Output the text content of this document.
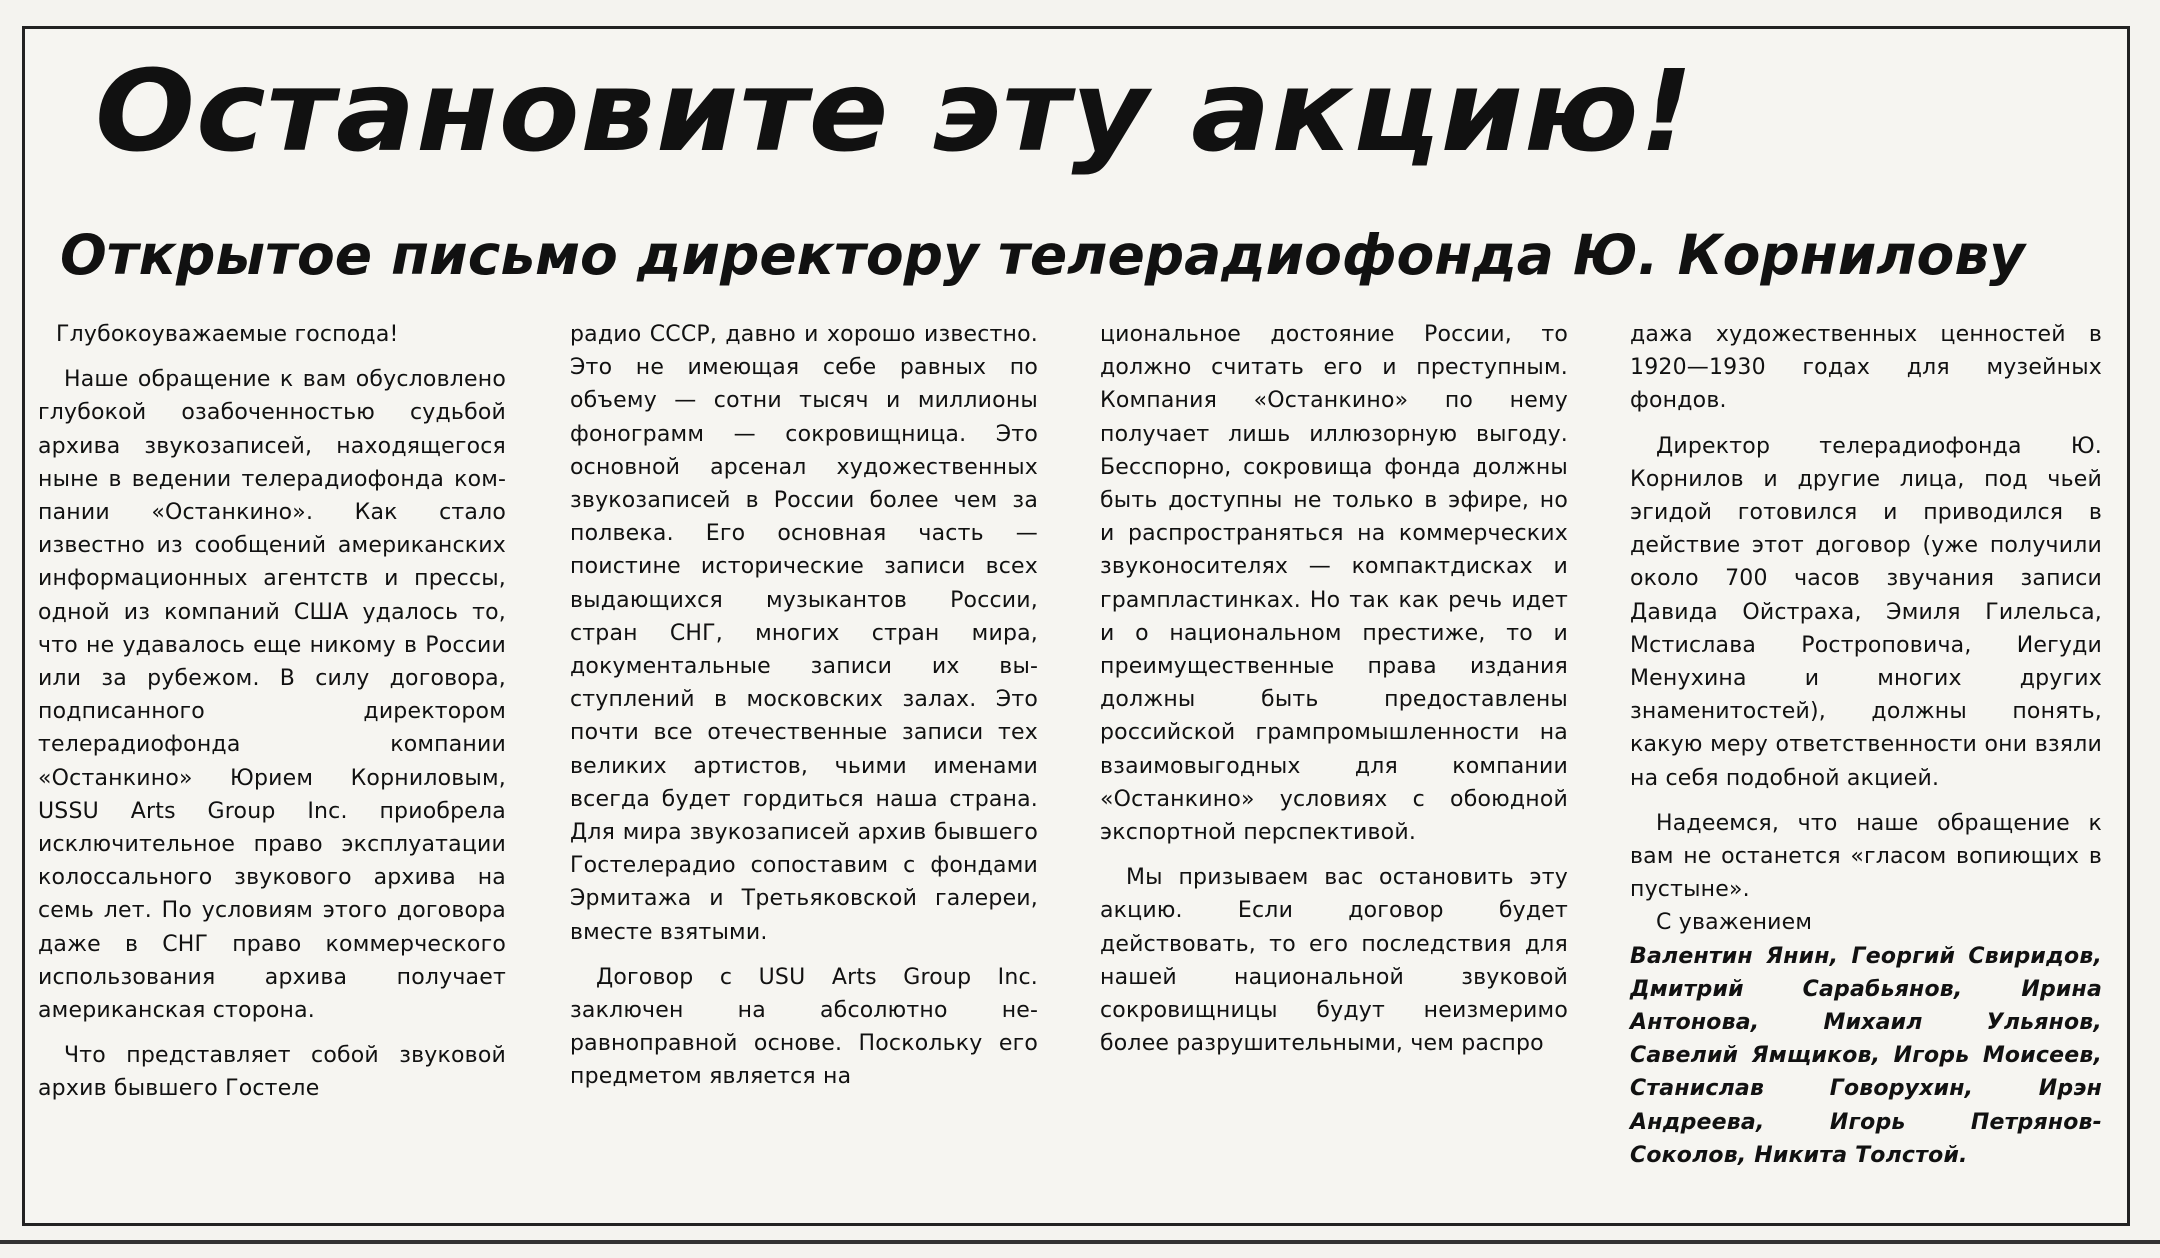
Остановите эту акцию!
Открытое письмо директору телерадиофонда Ю. Корнилову

Глубокоуважаемые господа!

Наше обращение к вам обусловлено глубокой озабоченностью судьбой архива звукозаписей, находящегося ныне в ведении телерадиофонда компании «Останкино». Как стало известно из сообщений американских информационных агентств и прессы, одной из компаний США удалось то, что не удавалось еще никому в России или за рубежом. В силу договора, подписанного директором телерадиофонда компании «Останкино» Юрием Корниловым, USSU Arts Group Inc. приобрела исключительное право эксплуатации колоссального звукового архива на семь лет. По условиям этого договора даже в СНГ право коммерческого использования архива получает американская сторона.

Что представляет собой звуковой архив бывшего Гостеле

радио СССР, давно и хорошо известно. Это не имеющая себе равных по объему — сотни тысяч и миллионы фонограмм — сокровищница. Это основной арсенал художественных звукозаписей в России более чем за полвека. Его основная часть — поистине исторические записи всех выдающихся музыкантов России, стран СНГ, многих стран мира, документальные записи их выступлений в московских залах. Это почти все отечественные записи тех великих артистов, чьими именами всегда будет гордиться наша страна. Для мира звукозаписей архив бывшего Гостелерадио сопоставим с фондами Эрмитажа и Третьяковской галереи, вместе взятыми.

Договор с USU Arts Group Inc. заключен на абсолютно неравноправной основе. Поскольку его предметом является на

циональное достояние России, то должно считать его и преступным. Компания «Останкино» по нему получает лишь иллюзорную выгоду. Бесспорно, сокровища фонда должны быть доступны не только в эфире, но и распространяться на коммерческих звуконосителях — компактдисках и грампластинках. Но так как речь идет и о национальном престиже, то и преимущественные права издания должны быть предоставлены российской грампромышленности на взаимовыгодных для компании «Останкино» условиях с обоюдной экспортной перспективой.

Мы призываем вас остановить эту акцию. Если договор будет действовать, то его последствия для нашей национальной звуковой сокровищницы будут неизмеримо более разрушительными, чем распро

дажа художественных ценностей в 1920—1930 годах для музейных фондов.

Директор телерадиофонда Ю. Корнилов и другие лица, под чьей эгидой готовился и приводился в действие этот договор (уже получили около 700 часов звучания записи Давида Ойстраха, Эмиля Гилельса, Мстислава Ростроповича, Иегуди Менухина и многих других знаменитостей), должны понять, какую меру ответственности они взяли на себя подобной акцией.

Надеемся, что наше обращение к вам не останется «гласом вопиющих в пустыне».

С уважением

Валентин Янин, Георгий Свиридов, Дмитрий Сарабьянов, Ирина Антонова, Михаил Ульянов, Савелий Ямщиков, Игорь Моисеев, Станислав Говорухин, Ирэн Андреева, Игорь Петрянов-Соколов, Никита Толстой.
